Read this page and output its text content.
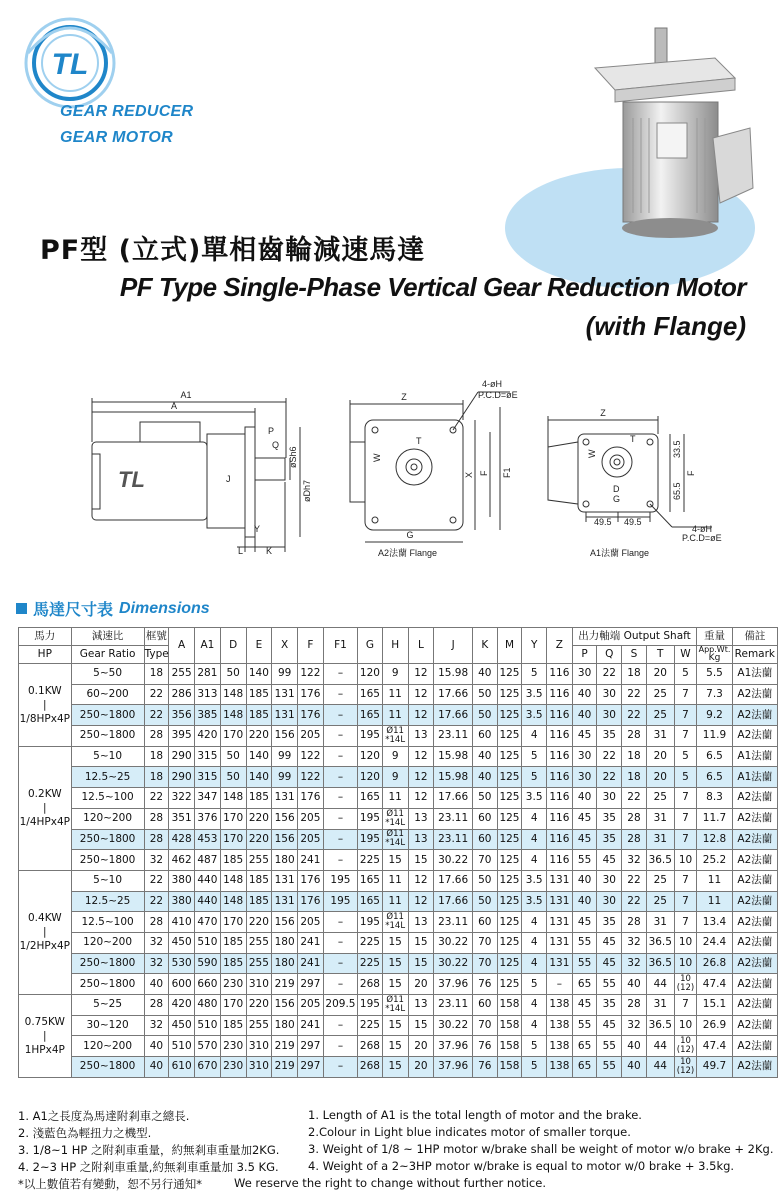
TL
GEAR REDUCER
GEAR MOTOR
PF型 (立式)單相齒輪減速馬達
PF Type Single-Phase Vertical Gear Reduction Motor
(with Flange)
TL
A1
A
P
Q
øSh6
øDh7
J
Y
L	K
Z
4-øH
P.C.D=øE
T
W
X F F1
G
A2法蘭 Flange
Z
T
W
D
G
33.5
65.5
F
49.5 49.5
4-øH
P.C.D=øE
A1法蘭 Flange
馬達尺寸表 Dimensions
馬力	減速比	框號	A	A1	D	E	X	F	F1	G	H	L	J	K	M	Y	Z	出力軸端 Output Shaft					重量	備註
HP	Gear Ratio	Type																P	Q	S	T	W	App.Wt.
Kg	Remark

0.1KW
|
1/8HPx4P	5~50	18	255	281	50	140	99	122	–	120	9	12	15.98	40	125	5	116	30	22	18	20	5	5.5	A1法蘭
	60~200	22	286	313	148	185	131	176	–	165	11	12	17.66	50	125	3.5	116	40	30	22	25	7	7.3	A2法蘭
	250~1800	22	356	385	148	185	131	176	–	165	11	12	17.66	50	125	3.5	116	40	30	22	25	7	9.2	A2法蘭
	250~1800	28	395	420	170	220	156	205	–	195	Ø11
*14L	13	23.11	60	125	4	116	45	35	28	31	7	11.9	A2法蘭

0.2KW
|
1/4HPx4P	5~10	18	290	315	50	140	99	122	–	120	9	12	15.98	40	125	5	116	30	22	18	20	5	6.5	A1法蘭
	12.5~25	18	290	315	50	140	99	122	–	120	9	12	15.98	40	125	5	116	30	22	18	20	5	6.5	A1法蘭
	12.5~100	22	322	347	148	185	131	176	–	165	11	12	17.66	50	125	3.5	116	40	30	22	25	7	8.3	A2法蘭
	120~200	28	351	376	170	220	156	205	–	195	Ø11
*14L	13	23.11	60	125	4	116	45	35	28	31	7	11.7	A2法蘭
	250~1800	28	428	453	170	220	156	205	–	195	Ø11
*14L	13	23.11	60	125	4	116	45	35	28	31	7	12.8	A2法蘭
	250~1800	32	462	487	185	255	180	241	–	225	15	15	30.22	70	125	4	116	55	45	32	36.5	10	25.2	A2法蘭

0.4KW
|
1/2HPx4P	5~10	22	380	440	148	185	131	176	195	165	11	12	17.66	50	125	3.5	131	40	30	22	25	7	11	A2法蘭
	12.5~25	22	380	440	148	185	131	176	195	165	11	12	17.66	50	125	3.5	131	40	30	22	25	7	11	A2法蘭
	12.5~100	28	410	470	170	220	156	205	–	195	Ø11
*14L	13	23.11	60	125	4	131	45	35	28	31	7	13.4	A2法蘭
	120~200	32	450	510	185	255	180	241	–	225	15	15	30.22	70	125	4	131	55	45	32	36.5	10	24.4	A2法蘭
	250~1800	32	530	590	185	255	180	241	–	225	15	15	30.22	70	125	4	131	55	45	32	36.5	10	26.8	A2法蘭
	250~1800	40	600	660	230	310	219	297	–	268	15	20	37.96	76	125	5	–	65	55	40	44	10
(12)	47.4	A2法蘭

0.75KW
|
1HPx4P	5~25	28	420	480	170	220	156	205	209.5	195	Ø11
*14L	13	23.11	60	158	4	138	45	35	28	31	7	15.1	A2法蘭
	30~120	32	450	510	185	255	180	241	–	225	15	15	30.22	70	158	4	138	55	45	32	36.5	10	26.9	A2法蘭
	120~200	40	510	570	230	310	219	297	–	268	15	20	37.96	76	158	5	138	65	55	40	44	10
(12)	47.4	A2法蘭
	250~1800	40	610	670	230	310	219	297	–	268	15	20	37.96	76	158	5	138	65	55	40	44	10
(12)	49.7	A2法蘭
1. A1之長度為馬達附剎車之總長.	1. Length of A1 is the total length of motor and the brake.
2. 淺藍色為輕扭力之機型.	2.Colour in Light blue indicates motor of smaller torque.
3. 1/8~1 HP 之附剎車重量，約無剎車重量加2KG. 3. Weight of 1/8 ~ 1HP motor w/brake shall be weight of motor w/o brake + 2Kg.
4. 2~3 HP 之附剎車重量,約無剎車重量加 3.5 KG.	4. Weight of a 2~3HP motor w/brake is equal to motor w/0 brake + 3.5kg.
*以上數值若有變動，恕不另行通知*	We reserve the right to change without further notice.
